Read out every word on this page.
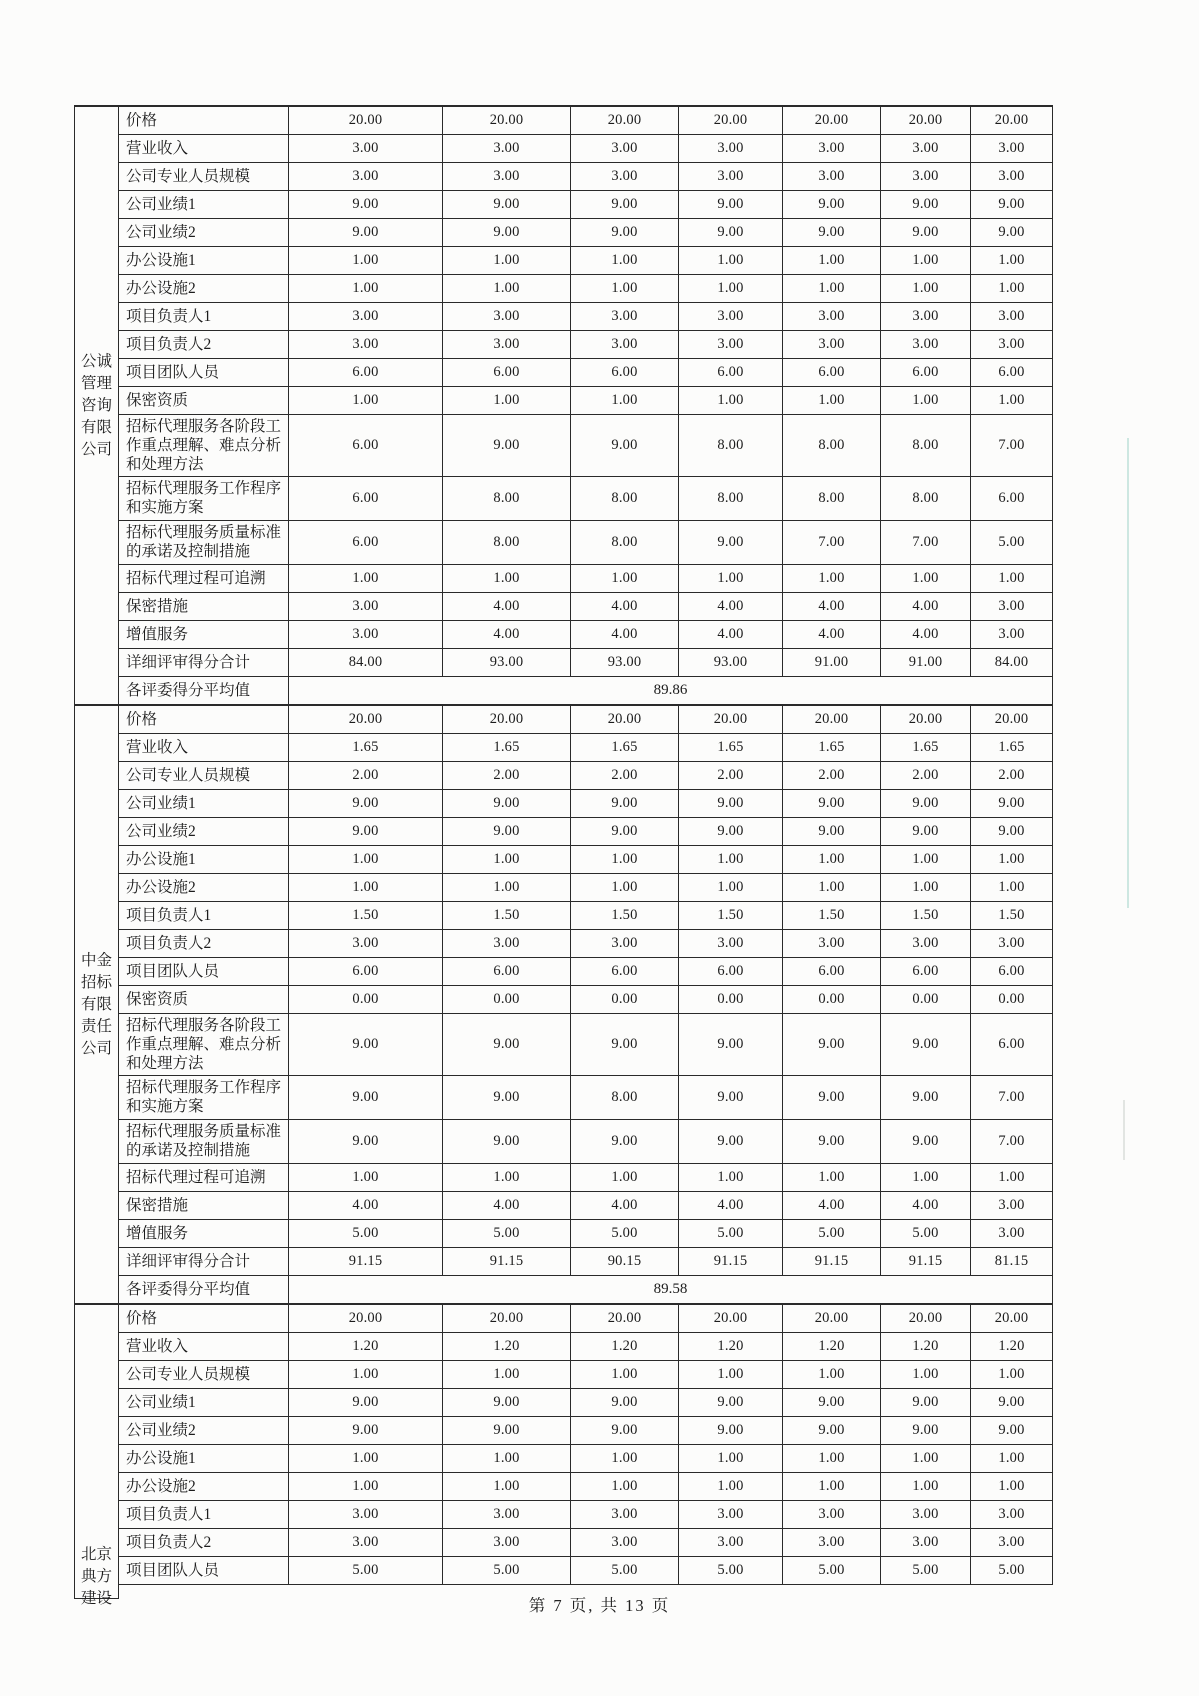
公诚
管理
咨询
有限
公司	价格	20.00	20.00	20.00	20.00	20.00	20.00	20.00
	营业收入	3.00	3.00	3.00	3.00	3.00	3.00	3.00
	公司专业人员规模	3.00	3.00	3.00	3.00	3.00	3.00	3.00
	公司业绩1	9.00	9.00	9.00	9.00	9.00	9.00	9.00
	公司业绩2	9.00	9.00	9.00	9.00	9.00	9.00	9.00
	办公设施1	1.00	1.00	1.00	1.00	1.00	1.00	1.00
	办公设施2	1.00	1.00	1.00	1.00	1.00	1.00	1.00
	项目负责人1	3.00	3.00	3.00	3.00	3.00	3.00	3.00
	项目负责人2	3.00	3.00	3.00	3.00	3.00	3.00	3.00
	项目团队人员	6.00	6.00	6.00	6.00	6.00	6.00	6.00
	保密资质	1.00	1.00	1.00	1.00	1.00	1.00	1.00
	招标代理服务各阶段工作重点理解、难点分析和处理方法	6.00	9.00	9.00	8.00	8.00	8.00	7.00
	招标代理服务工作程序和实施方案	6.00	8.00	8.00	8.00	8.00	8.00	6.00
	招标代理服务质量标准的承诺及控制措施	6.00	8.00	8.00	9.00	7.00	7.00	5.00
	招标代理过程可追溯	1.00	1.00	1.00	1.00	1.00	1.00	1.00
	保密措施	3.00	4.00	4.00	4.00	4.00	4.00	3.00
	增值服务	3.00	4.00	4.00	4.00	4.00	4.00	3.00
	详细评审得分合计	84.00	93.00	93.00	93.00	91.00	91.00	84.00
	各评委得分平均值	89.86						

中金
招标
有限
责任
公司	价格	20.00	20.00	20.00	20.00	20.00	20.00	20.00
	营业收入	1.65	1.65	1.65	1.65	1.65	1.65	1.65
	公司专业人员规模	2.00	2.00	2.00	2.00	2.00	2.00	2.00
	公司业绩1	9.00	9.00	9.00	9.00	9.00	9.00	9.00
	公司业绩2	9.00	9.00	9.00	9.00	9.00	9.00	9.00
	办公设施1	1.00	1.00	1.00	1.00	1.00	1.00	1.00
	办公设施2	1.00	1.00	1.00	1.00	1.00	1.00	1.00
	项目负责人1	1.50	1.50	1.50	1.50	1.50	1.50	1.50
	项目负责人2	3.00	3.00	3.00	3.00	3.00	3.00	3.00
	项目团队人员	6.00	6.00	6.00	6.00	6.00	6.00	6.00
	保密资质	0.00	0.00	0.00	0.00	0.00	0.00	0.00
	招标代理服务各阶段工作重点理解、难点分析和处理方法	9.00	9.00	9.00	9.00	9.00	9.00	6.00
	招标代理服务工作程序和实施方案	9.00	9.00	8.00	9.00	9.00	9.00	7.00
	招标代理服务质量标准的承诺及控制措施	9.00	9.00	9.00	9.00	9.00	9.00	7.00
	招标代理过程可追溯	1.00	1.00	1.00	1.00	1.00	1.00	1.00
	保密措施	4.00	4.00	4.00	4.00	4.00	4.00	3.00
	增值服务	5.00	5.00	5.00	5.00	5.00	5.00	3.00
	详细评审得分合计	91.15	91.15	90.15	91.15	91.15	91.15	81.15
	各评委得分平均值	89.58						

北京
典方
建设	价格	20.00	20.00	20.00	20.00	20.00	20.00	20.00
	营业收入	1.20	1.20	1.20	1.20	1.20	1.20	1.20
	公司专业人员规模	1.00	1.00	1.00	1.00	1.00	1.00	1.00
	公司业绩1	9.00	9.00	9.00	9.00	9.00	9.00	9.00
	公司业绩2	9.00	9.00	9.00	9.00	9.00	9.00	9.00
	办公设施1	1.00	1.00	1.00	1.00	1.00	1.00	1.00
	办公设施2	1.00	1.00	1.00	1.00	1.00	1.00	1.00
	项目负责人1	3.00	3.00	3.00	3.00	3.00	3.00	3.00
	项目负责人2	3.00	3.00	3.00	3.00	3.00	3.00	3.00
	项目团队人员	5.00	5.00	5.00	5.00	5.00	5.00	5.00

第 7 页, 共 13 页
